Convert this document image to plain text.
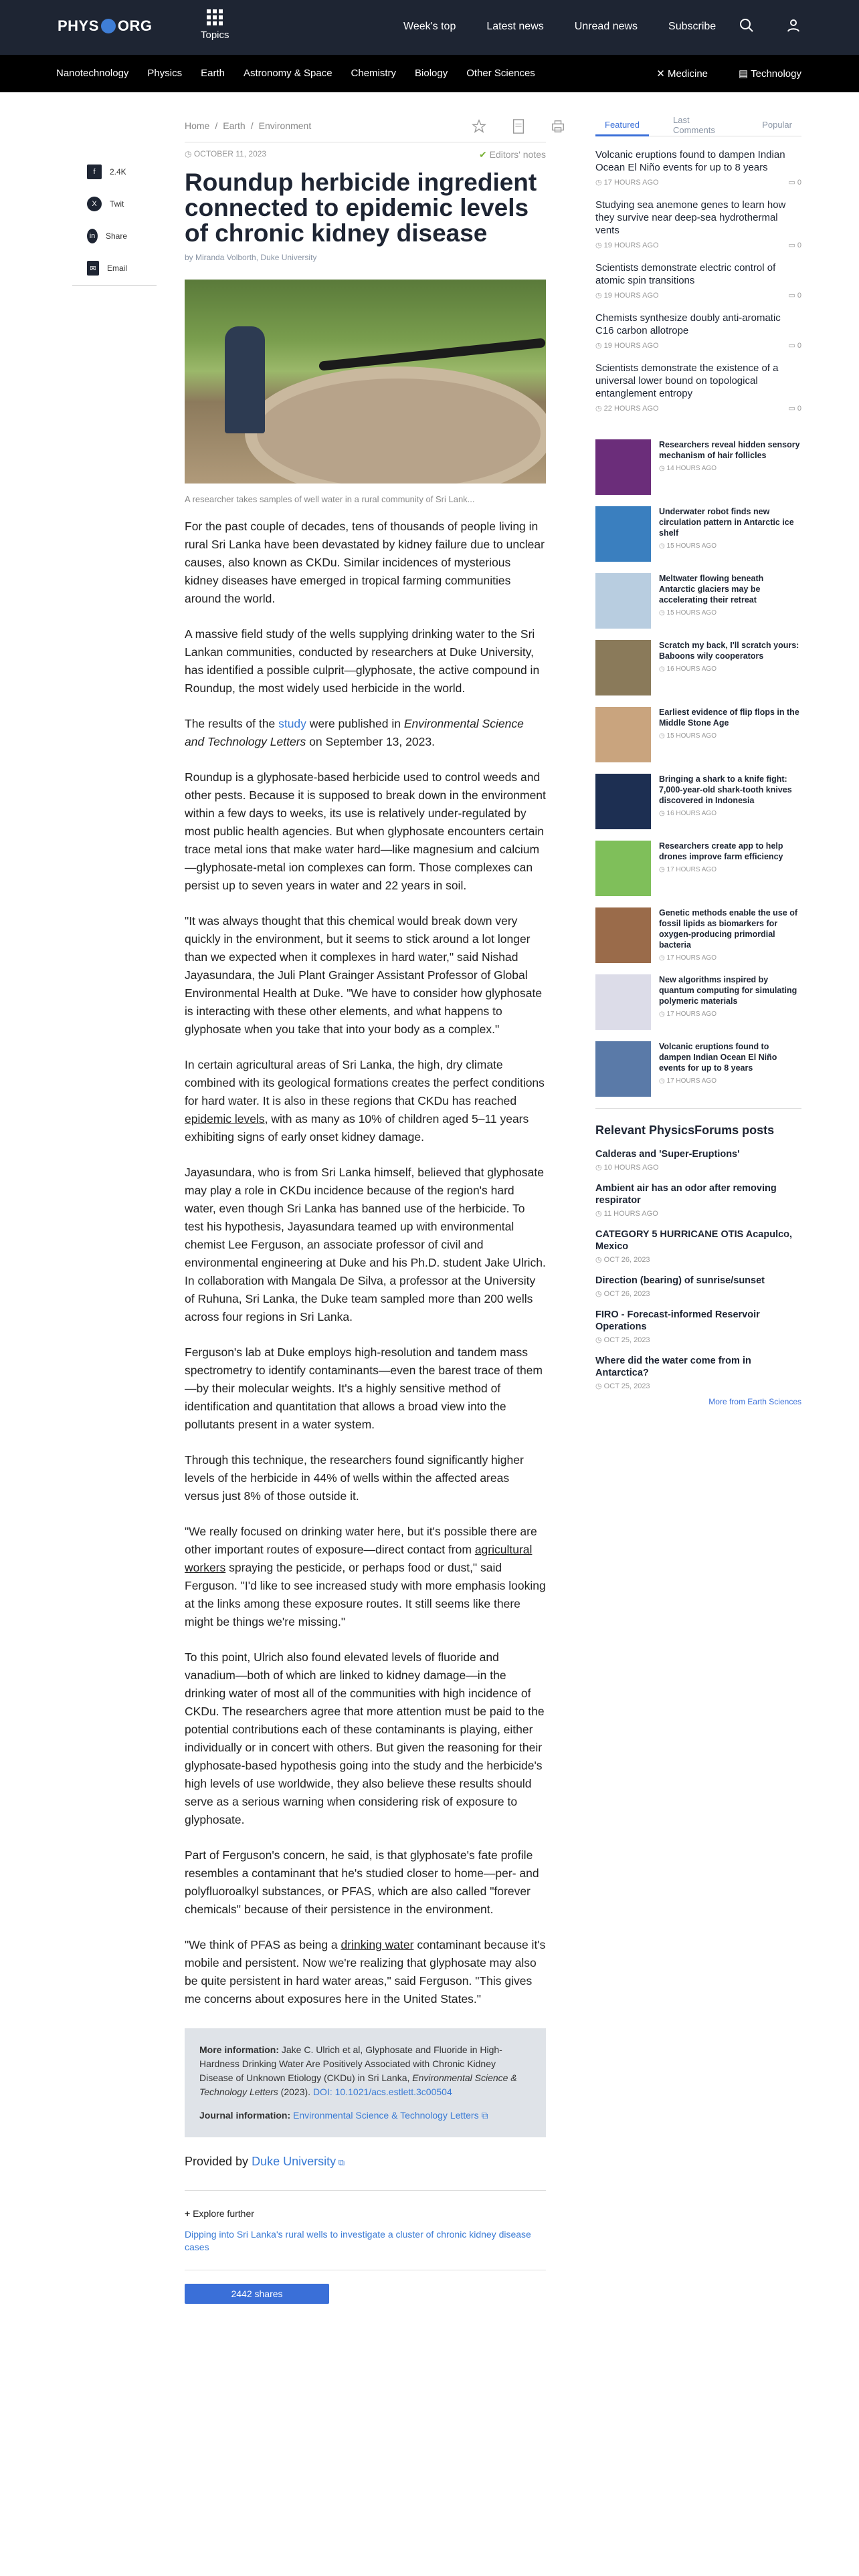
PHYS ORG
Topics
Week's top	Latest news	Unread news	Subscribe
Nanotechnology Physics Earth Astronomy & Space Chemistry Biology Other Sciences	✕ Medicine	▤ Technology
f	2.4K
X	Twit
in	Share
✉	Email
Home / Earth / Environment
◷ OCTOBER 11, 2023	✔ Editors' notes
Roundup herbicide ingredient connected to epidemic levels of chronic kidney disease
by Miranda Volborth, Duke University
A researcher takes samples of well water in a rural community of Sri Lank...

For the past couple of decades, tens of thousands of people living in rural Sri Lanka have been devastated by kidney failure due to unclear causes, also known as CKDu. Similar incidences of mysterious kidney diseases have emerged in tropical farming communities around the world.

A massive field study of the wells supplying drinking water to the Sri Lankan communities, conducted by researchers at Duke University, has identified a possible culprit—glyphosate, the active compound in Roundup, the most widely used herbicide in the world.

The results of the study were published in Environmental Science and Technology Letters on September 13, 2023.

Roundup is a glyphosate-based herbicide used to control weeds and other pests. Because it is supposed to break down in the environment within a few days to weeks, its use is relatively under-regulated by most public health agencies. But when glyphosate encounters certain trace metal ions that make water hard—like magnesium and calcium—glyphosate-metal ion complexes can form. Those complexes can persist up to seven years in water and 22 years in soil.

"It was always thought that this chemical would break down very quickly in the environment, but it seems to stick around a lot longer than we expected when it complexes in hard water," said Nishad Jayasundara, the Juli Plant Grainger Assistant Professor of Global Environmental Health at Duke. "We have to consider how glyphosate is interacting with these other elements, and what happens to glyphosate when you take that into your body as a complex."

In certain agricultural areas of Sri Lanka, the high, dry climate combined with its geological formations creates the perfect conditions for hard water. It is also in these regions that CKDu has reached epidemic levels, with as many as 10% of children aged 5–11 years exhibiting signs of early onset kidney damage.

Jayasundara, who is from Sri Lanka himself, believed that glyphosate may play a role in CKDu incidence because of the region's hard water, even though Sri Lanka has banned use of the herbicide. To test his hypothesis, Jayasundara teamed up with environmental chemist Lee Ferguson, an associate professor of civil and environmental engineering at Duke and his Ph.D. student Jake Ulrich. In collaboration with Mangala De Silva, a professor at the University of Ruhuna, Sri Lanka, the Duke team sampled more than 200 wells across four regions in Sri Lanka.

Ferguson's lab at Duke employs high-resolution and tandem mass spectrometry to identify contaminants—even the barest trace of them—by their molecular weights. It's a highly sensitive method of identification and quantitation that allows a broad view into the pollutants present in a water system.

Through this technique, the researchers found significantly higher levels of the herbicide in 44% of wells within the affected areas versus just 8% of those outside it.

"We really focused on drinking water here, but it's possible there are other important routes of exposure—direct contact from agricultural workers spraying the pesticide, or perhaps food or dust," said Ferguson. "I'd like to see increased study with more emphasis looking at the links among these exposure routes. It still seems like there might be things we're missing."

To this point, Ulrich also found elevated levels of fluoride and vanadium—both of which are linked to kidney damage—in the drinking water of most all of the communities with high incidence of CKDu. The researchers agree that more attention must be paid to the potential contributions each of these contaminants is playing, either individually or in concert with others. But given the reasoning for their glyphosate-based hypothesis going into the study and the herbicide's high levels of use worldwide, they also believe these results should serve as a serious warning when considering risk of exposure to glyphosate.

Part of Ferguson's concern, he said, is that glyphosate's fate profile resembles a contaminant that he's studied closer to home—per- and polyfluoroalkyl substances, or PFAS, which are also called "forever chemicals" because of their persistence in the environment.

"We think of PFAS as being a drinking water contaminant because it's mobile and persistent. Now we're realizing that glyphosate may also be quite persistent in hard water areas," said Ferguson. "This gives me concerns about exposures here in the United States."

More information: Jake C. Ulrich et al, Glyphosate and Fluoride in High-Hardness Drinking Water Are Positively Associated with Chronic Kidney Disease of Unknown Etiology (CKDu) in Sri Lanka, Environmental Science & Technology Letters (2023). DOI: 10.1021/acs.estlett.3c00504
Journal information: Environmental Science & Technology Letters ⧉
Provided by Duke University ⧉
+ Explore further
Dipping into Sri Lanka's rural wells to investigate a cluster of chronic kidney disease cases
2442 shares
Featured	Last Comments	Popular
Volcanic eruptions found to dampen Indian Ocean El Niño events for up to 8 years
◷ 17 HOURS AGO	▭ 0
Studying sea anemone genes to learn how they survive near deep-sea hydrothermal vents
◷ 19 HOURS AGO	▭ 0
Scientists demonstrate electric control of atomic spin transitions
◷ 19 HOURS AGO	▭ 0
Chemists synthesize doubly anti-aromatic C16 carbon allotrope
◷ 19 HOURS AGO	▭ 0
Scientists demonstrate the existence of a universal lower bound on topological entanglement entropy
◷ 22 HOURS AGO	▭ 0
Researchers reveal hidden sensory mechanism of hair follicles
◷ 14 HOURS AGO
Underwater robot finds new circulation pattern in Antarctic ice shelf
◷ 15 HOURS AGO
Meltwater flowing beneath Antarctic glaciers may be accelerating their retreat
◷ 15 HOURS AGO
Scratch my back, I'll scratch yours: Baboons wily cooperators
◷ 16 HOURS AGO
Earliest evidence of flip flops in the Middle Stone Age
◷ 15 HOURS AGO
Bringing a shark to a knife fight: 7,000-year-old shark-tooth knives discovered in Indonesia
◷ 16 HOURS AGO
Researchers create app to help drones improve farm efficiency
◷ 17 HOURS AGO
Genetic methods enable the use of fossil lipids as biomarkers for oxygen-producing primordial bacteria
◷ 17 HOURS AGO
New algorithms inspired by quantum computing for simulating polymeric materials
◷ 17 HOURS AGO
Volcanic eruptions found to dampen Indian Ocean El Niño events for up to 8 years
◷ 17 HOURS AGO
Relevant PhysicsForums posts
Calderas and 'Super-Eruptions'
◷ 10 HOURS AGO
Ambient air has an odor after removing respirator
◷ 11 HOURS AGO
CATEGORY 5 HURRICANE OTIS Acapulco, Mexico
◷ OCT 26, 2023
Direction (bearing) of sunrise/sunset
◷ OCT 26, 2023
FIRO - Forecast-informed Reservoir Operations
◷ OCT 25, 2023
Where did the water come from in Antarctica?
◷ OCT 25, 2023
More from Earth Sciences
